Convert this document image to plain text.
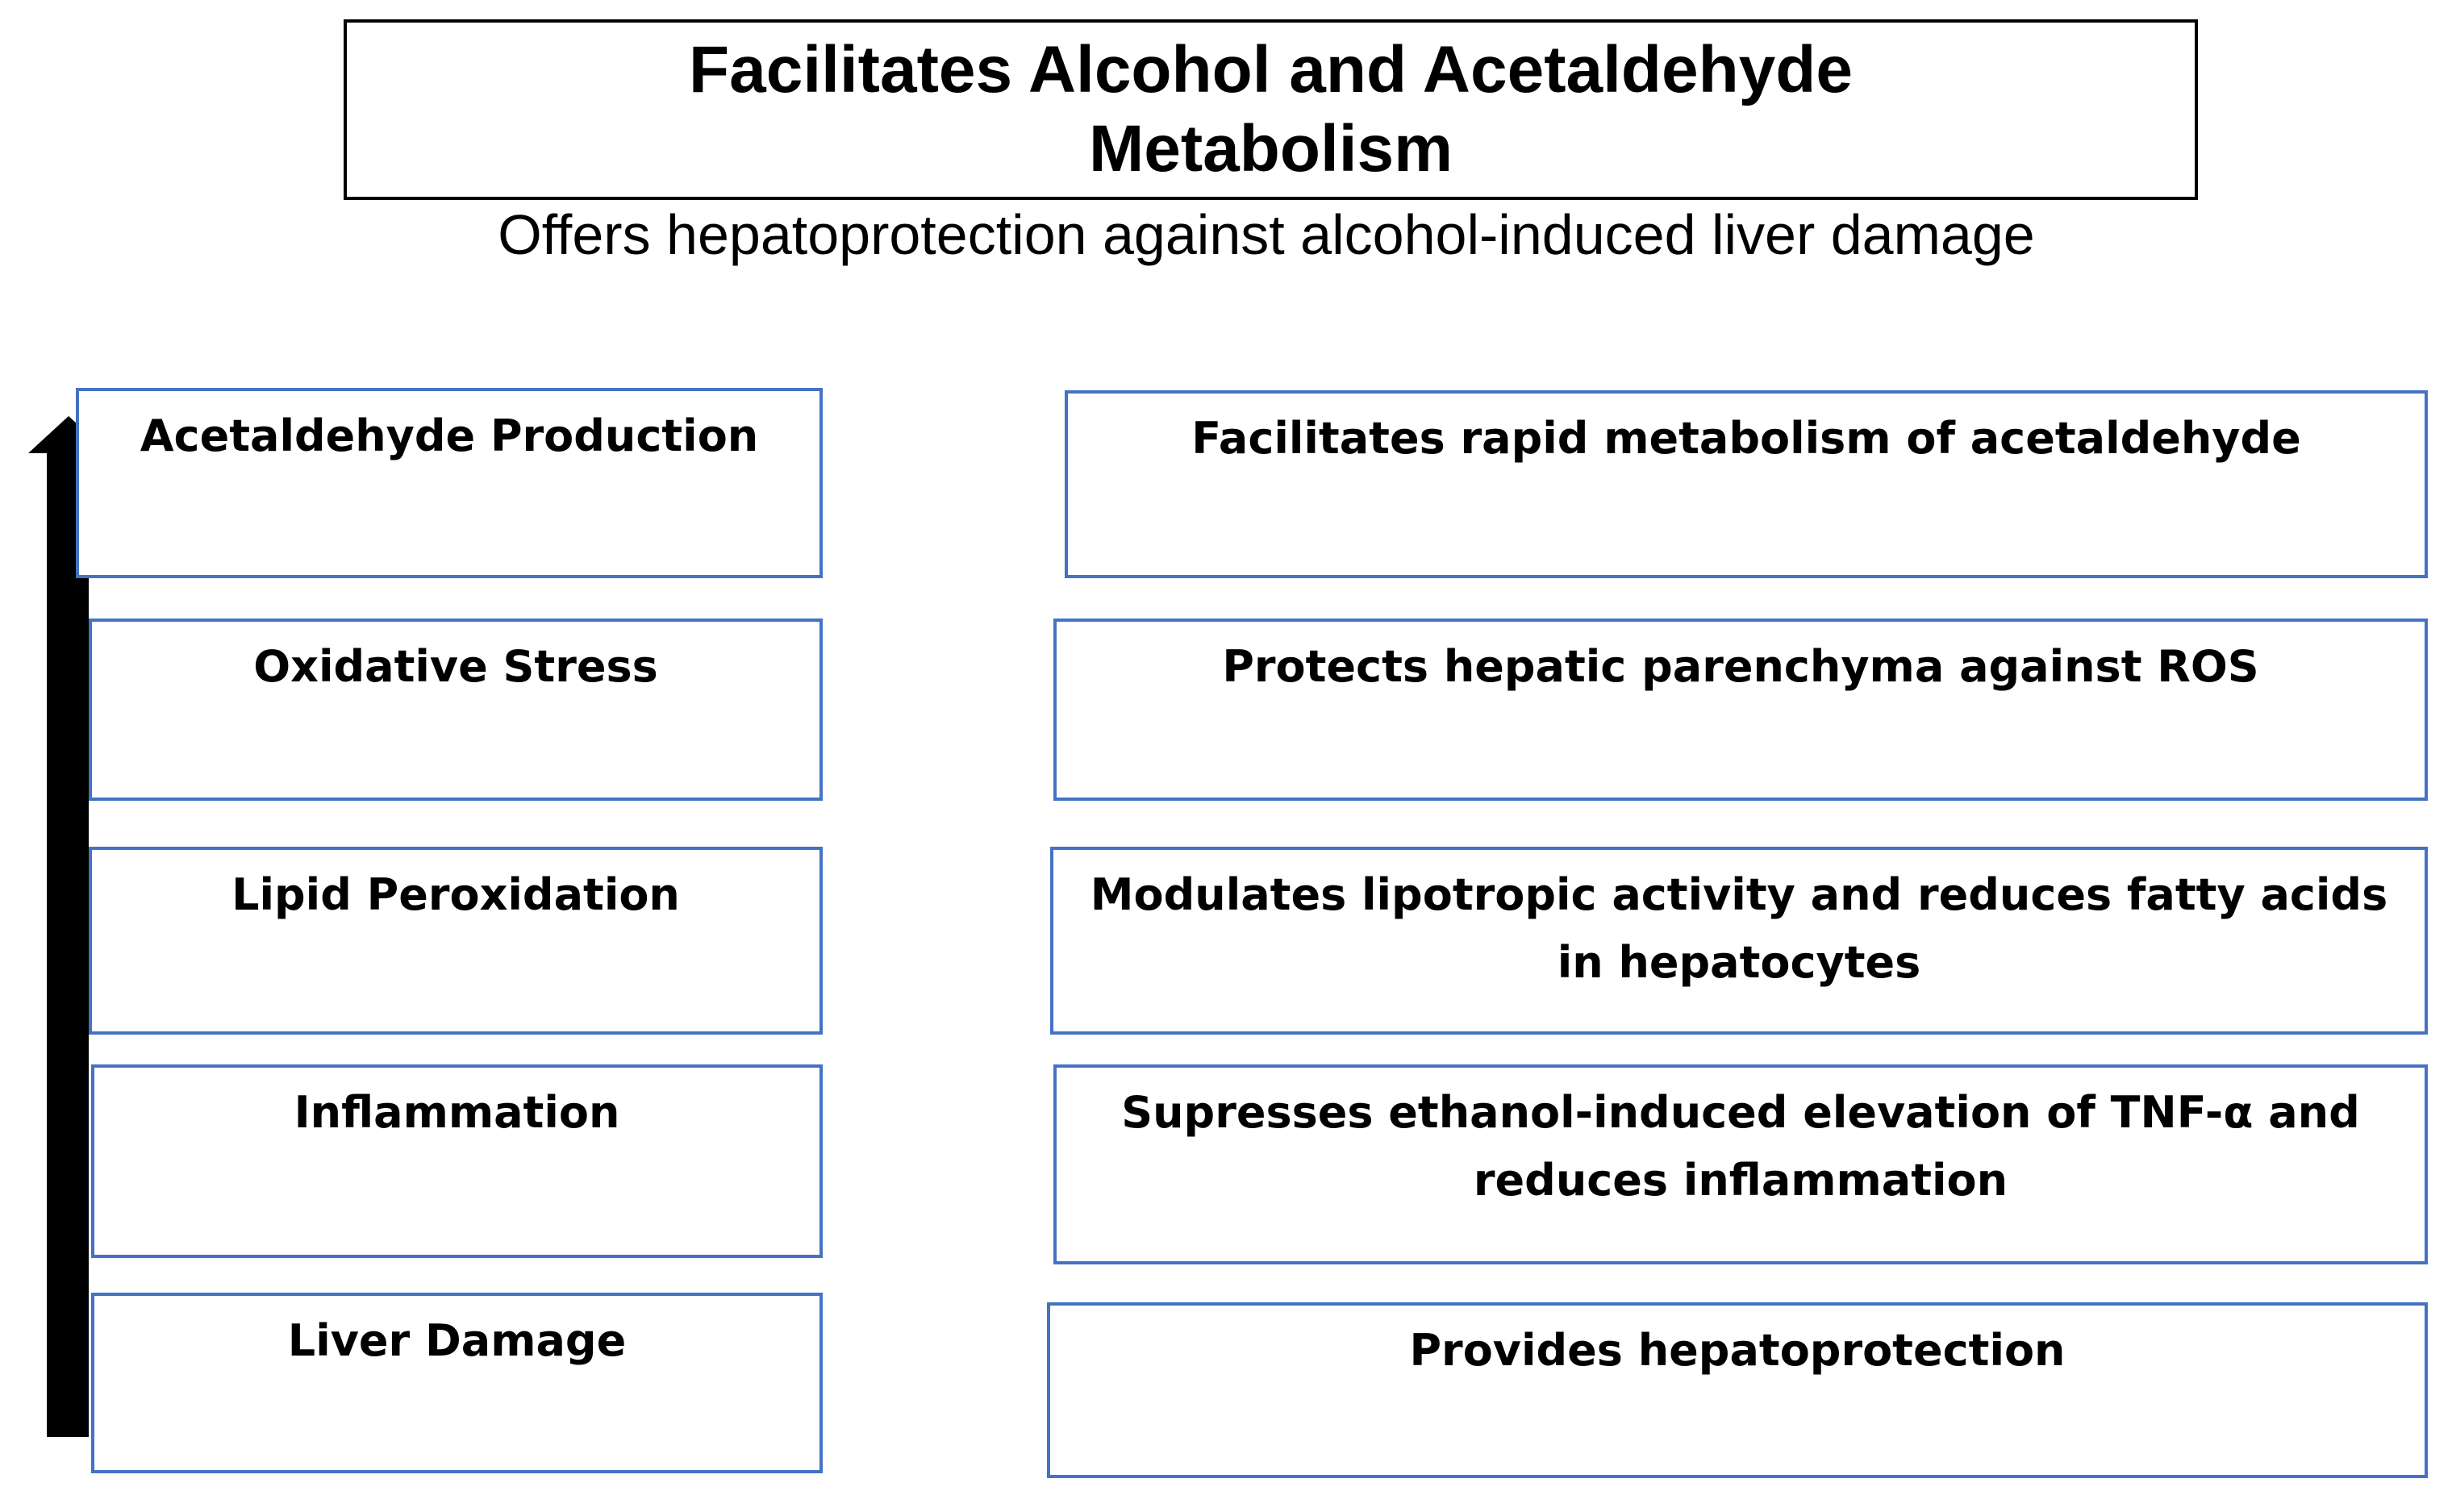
Facilitates Alcohol and Acetaldehyde Metabolism
Offers hepatoprotection against alcohol-induced liver damage
Acetaldehyde Production
Oxidative Stress
Lipid Peroxidation
Inflammation
Liver Damage
Facilitates rapid metabolism of acetaldehyde
Protects hepatic parenchyma against ROS
Modulates lipotropic activity and reduces fatty acids in hepatocytes
Supresses ethanol-induced elevation of TNF-α and reduces inflammation
Provides hepatoprotection
